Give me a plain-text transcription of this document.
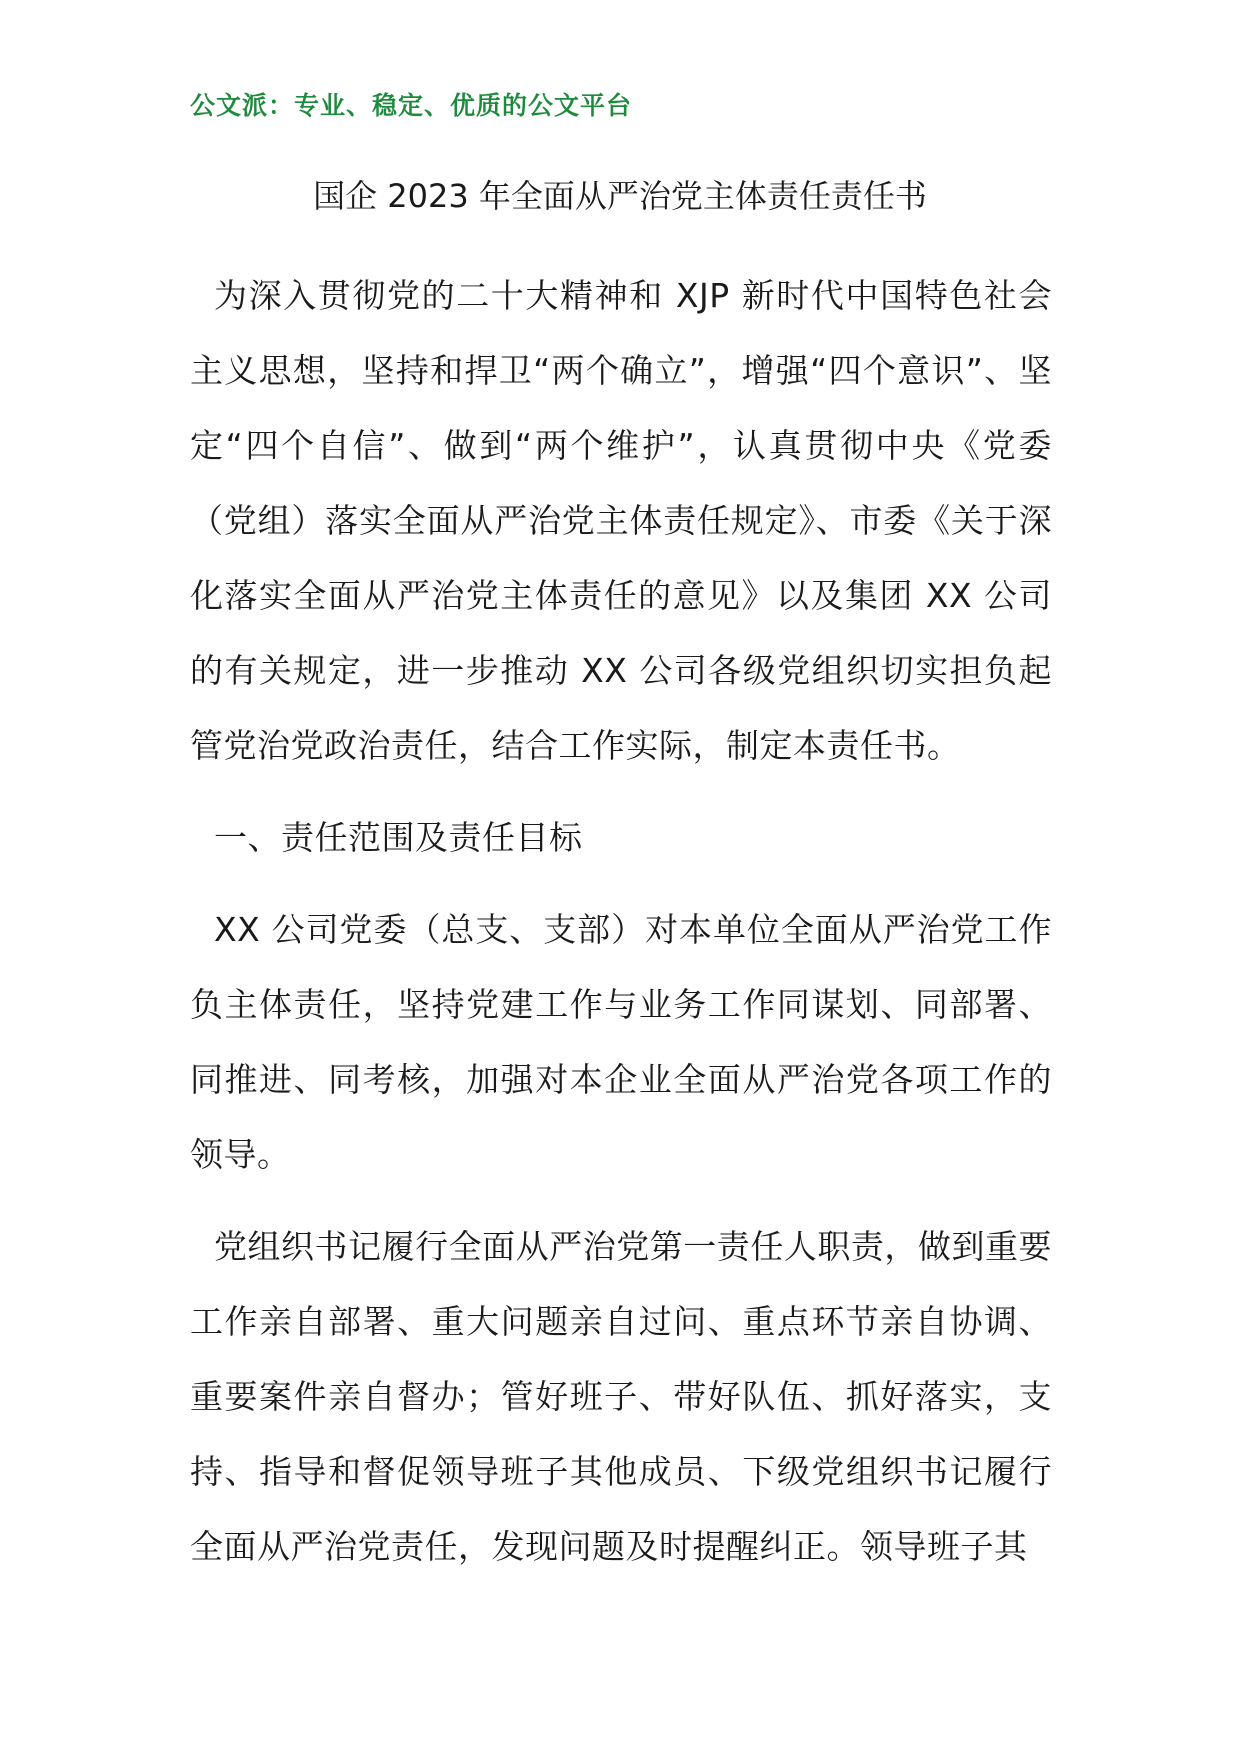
公文派：专业、稳定、优质的公文平台
国企 2023 年全面从严治党主体责任责任书

为深入贯彻党的二十大精神和 XJP 新时代中国特色社会主义思想，坚持和捍卫“两个确立”，增强“四个意识”、坚定“四个自信”、做到“两个维护”，认真贯彻中央《党委（党组）落实全面从严治党主体责任规定》、市委《关于深化落实全面从严治党主体责任的意见》以及集团 XX 公司的有关规定，进一步推动 XX 公司各级党组织切实担负起管党治党政治责任，结合工作实际，制定本责任书。

一、责任范围及责任目标

XX 公司党委（总支、支部）对本单位全面从严治党工作负主体责任，坚持党建工作与业务工作同谋划、同部署、同推进、同考核，加强对本企业全面从严治党各项工作的领导。

党组织书记履行全面从严治党第一责任人职责，做到重要工作亲自部署、重大问题亲自过问、重点环节亲自协调、重要案件亲自督办；管好班子、带好队伍、抓好落实，支持、指导和督促领导班子其他成员、下级党组织书记履行全面从严治党责任，发现问题及时提醒纠正。领导班子其
